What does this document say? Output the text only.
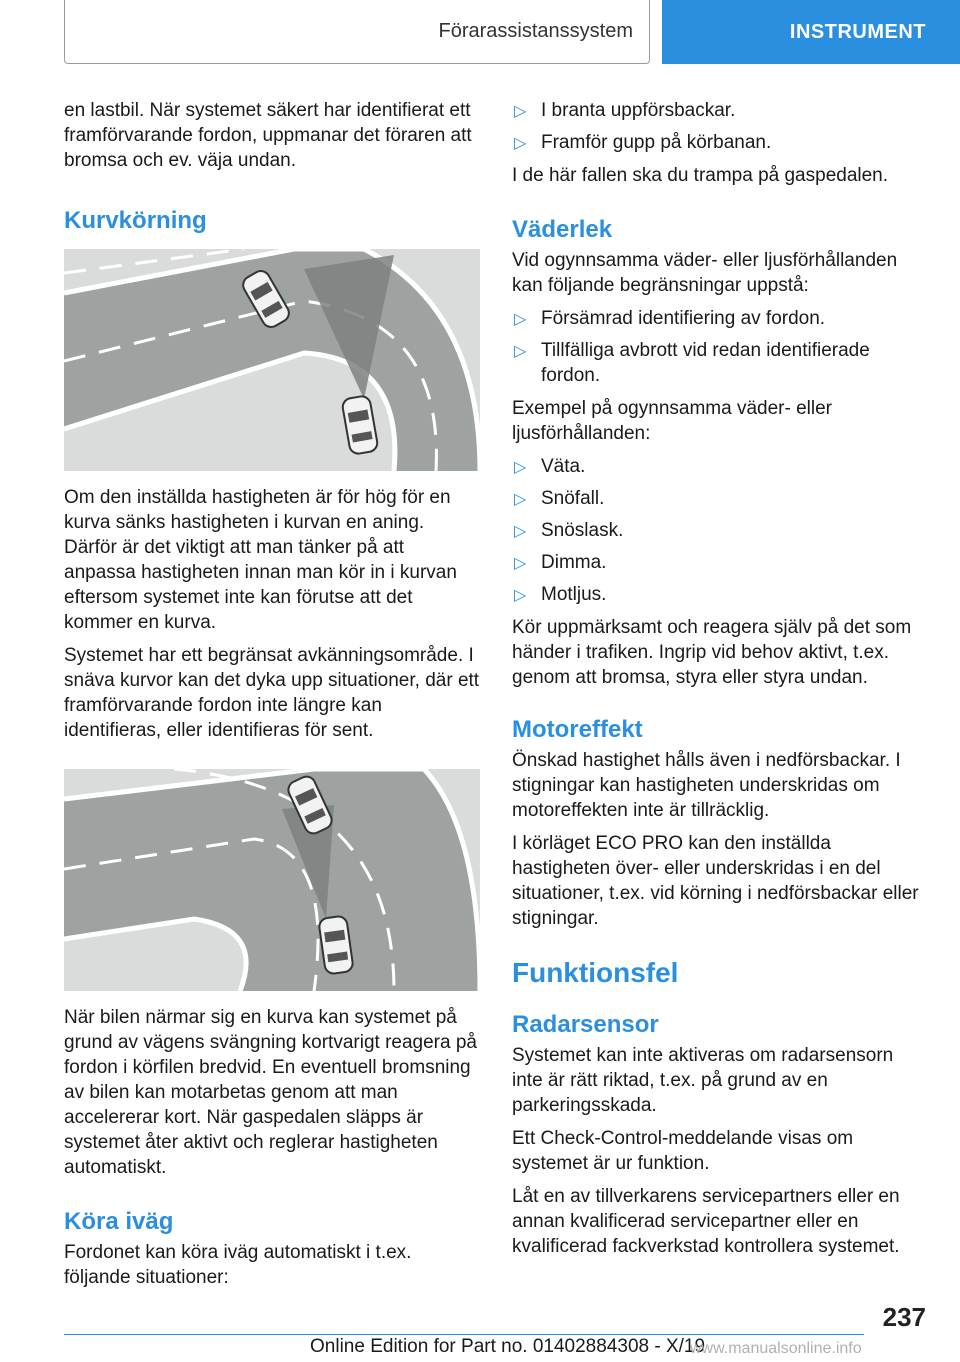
Förarassistanssystem	INSTRUMENT

en lastbil. När systemet säkert har identifierat ett framförvarande fordon, uppmanar det föraren att bromsa och ev. väja undan.

Kurvkörning

Om den inställda hastigheten är för hög för en kurva sänks hastigheten i kurvan en aning. Därför är det viktigt att man tänker på att anpassa hastigheten innan man kör in i kurvan eftersom systemet inte kan förutse att det kommer en kurva.

Systemet har ett begränsat avkänningsområde. I snäva kurvor kan det dyka upp situationer, där ett framförvarande fordon inte längre kan identifieras, eller identifieras för sent.

När bilen närmar sig en kurva kan systemet på grund av vägens svängning kortvarigt reagera på fordon i körfilen bredvid. En eventuell bromsning av bilen kan motarbetas genom att man accelererar kort. När gaspedalen släpps är systemet åter aktivt och reglerar hastigheten automatiskt.

Köra iväg

Fordonet kan köra iväg automatiskt i t.ex. följande situationer:

▷ I branta uppförsbackar.
▷ Framför gupp på körbanan.

I de här fallen ska du trampa på gaspedalen.

Väderlek

Vid ogynnsamma väder- eller ljusförhållanden kan följande begränsningar uppstå:

▷ Försämrad identifiering av fordon.
▷ Tillfälliga avbrott vid redan identifierade fordon.

Exempel på ogynnsamma väder- eller ljusförhållanden:

▷ Väta.
▷ Snöfall.
▷ Snöslask.
▷ Dimma.
▷ Motljus.

Kör uppmärksamt och reagera själv på det som händer i trafiken. Ingrip vid behov aktivt, t.ex. genom att bromsa, styra eller styra undan.

Motoreffekt

Önskad hastighet hålls även i nedförsbackar. I stigningar kan hastigheten underskridas om motoreffekten inte är tillräcklig.

I körläget ECO PRO kan den inställda hastigheten över- eller underskridas i en del situationer, t.ex. vid körning i nedförsbackar eller stigningar.

Funktionsfel
Radarsensor

Systemet kan inte aktiveras om radarsensorn inte är rätt riktad, t.ex. på grund av en parkeringsskada.

Ett Check-Control-meddelande visas om systemet är ur funktion.

Låt en av tillverkarens servicepartners eller en annan kvalificerad servicepartner eller en kvalificerad fackverkstad kontrollera systemet.

237
Online Edition for Part no. 01402884308 - X/19
www.manualsonline.info
